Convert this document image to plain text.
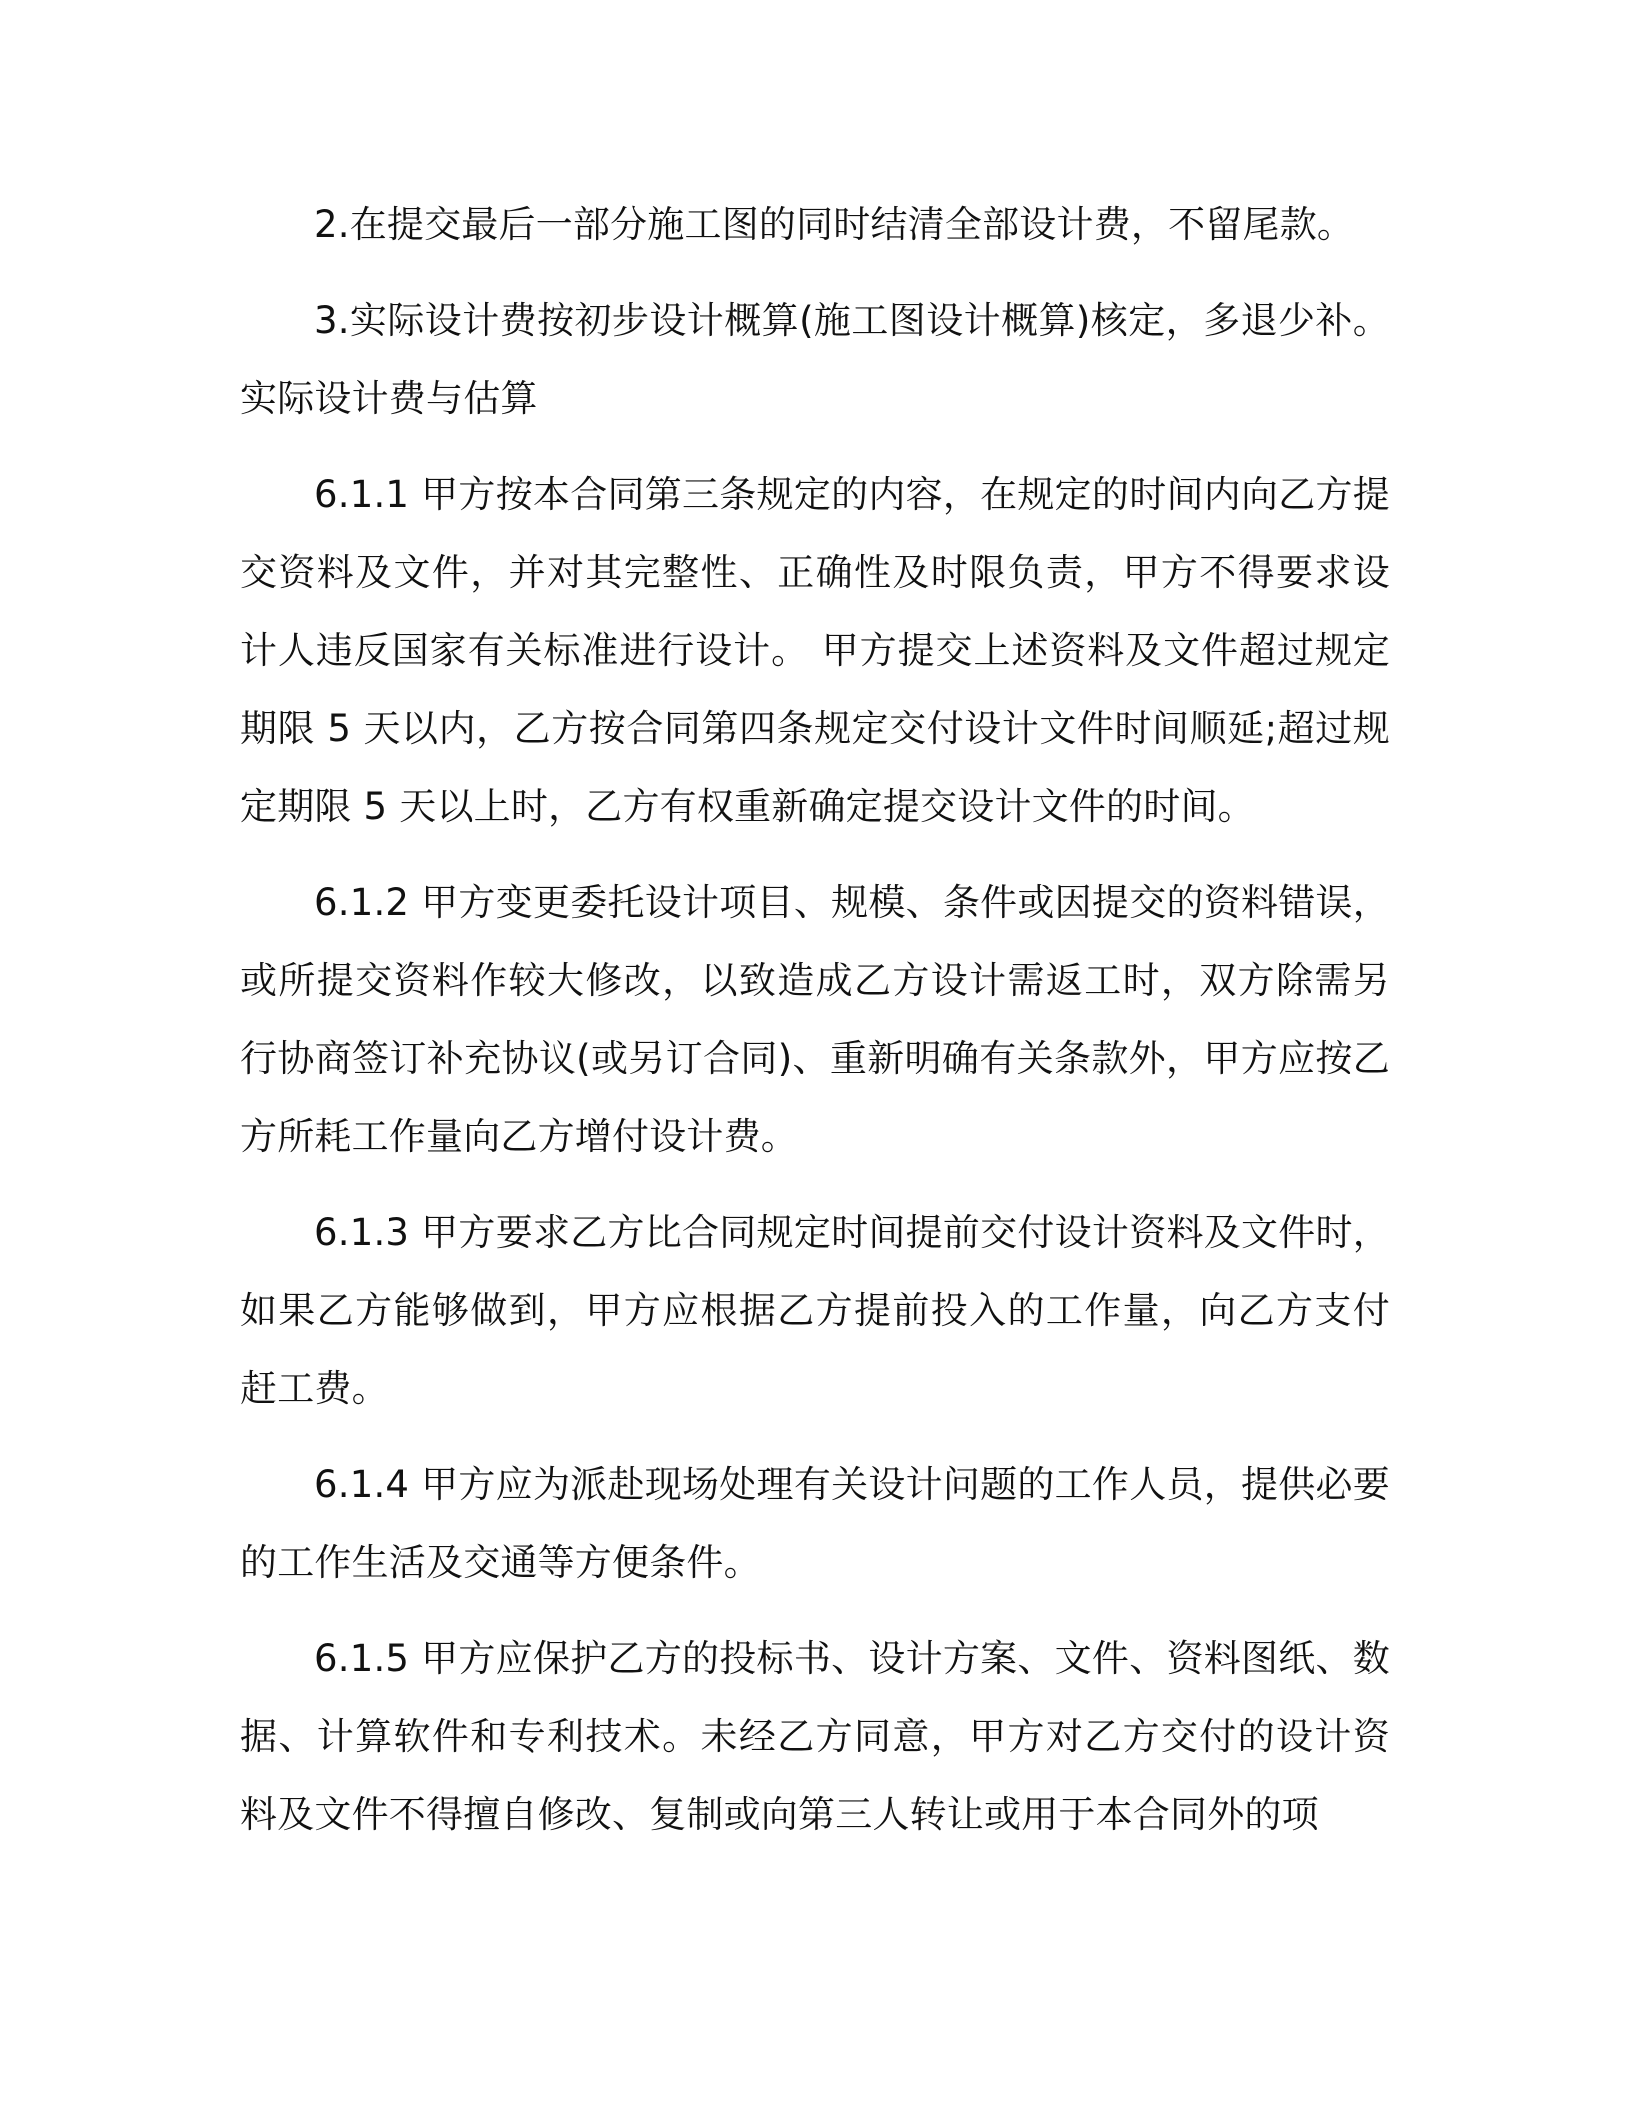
2.在提交最后一部分施工图的同时结清全部设计费，不留尾款。

3.实际设计费按初步设计概算(施工图设计概算)核定，多退少补。实际设计费与估算

6.1.1 甲方按本合同第三条规定的内容，在规定的时间内向乙方提交资料及文件，并对其完整性、正确性及时限负责，甲方不得要求设计人违反国家有关标准进行设计。 甲方提交上述资料及文件超过规定期限 5 天以内，乙方按合同第四条规定交付设计文件时间顺延;超过规定期限 5 天以上时，乙方有权重新确定提交设计文件的时间。

6.1.2 甲方变更委托设计项目、规模、条件或因提交的资料错误，或所提交资料作较大修改，以致造成乙方设计需返工时，双方除需另行协商签订补充协议(或另订合同)、重新明确有关条款外，甲方应按乙方所耗工作量向乙方增付设计费。

6.1.3 甲方要求乙方比合同规定时间提前交付设计资料及文件时，如果乙方能够做到，甲方应根据乙方提前投入的工作量，向乙方支付赶工费。

6.1.4 甲方应为派赴现场处理有关设计问题的工作人员，提供必要的工作生活及交通等方便条件。

6.1.5 甲方应保护乙方的投标书、设计方案、文件、资料图纸、数据、计算软件和专利技术。未经乙方同意，甲方对乙方交付的设计资料及文件不得擅自修改、复制或向第三人转让或用于本合同外的项
